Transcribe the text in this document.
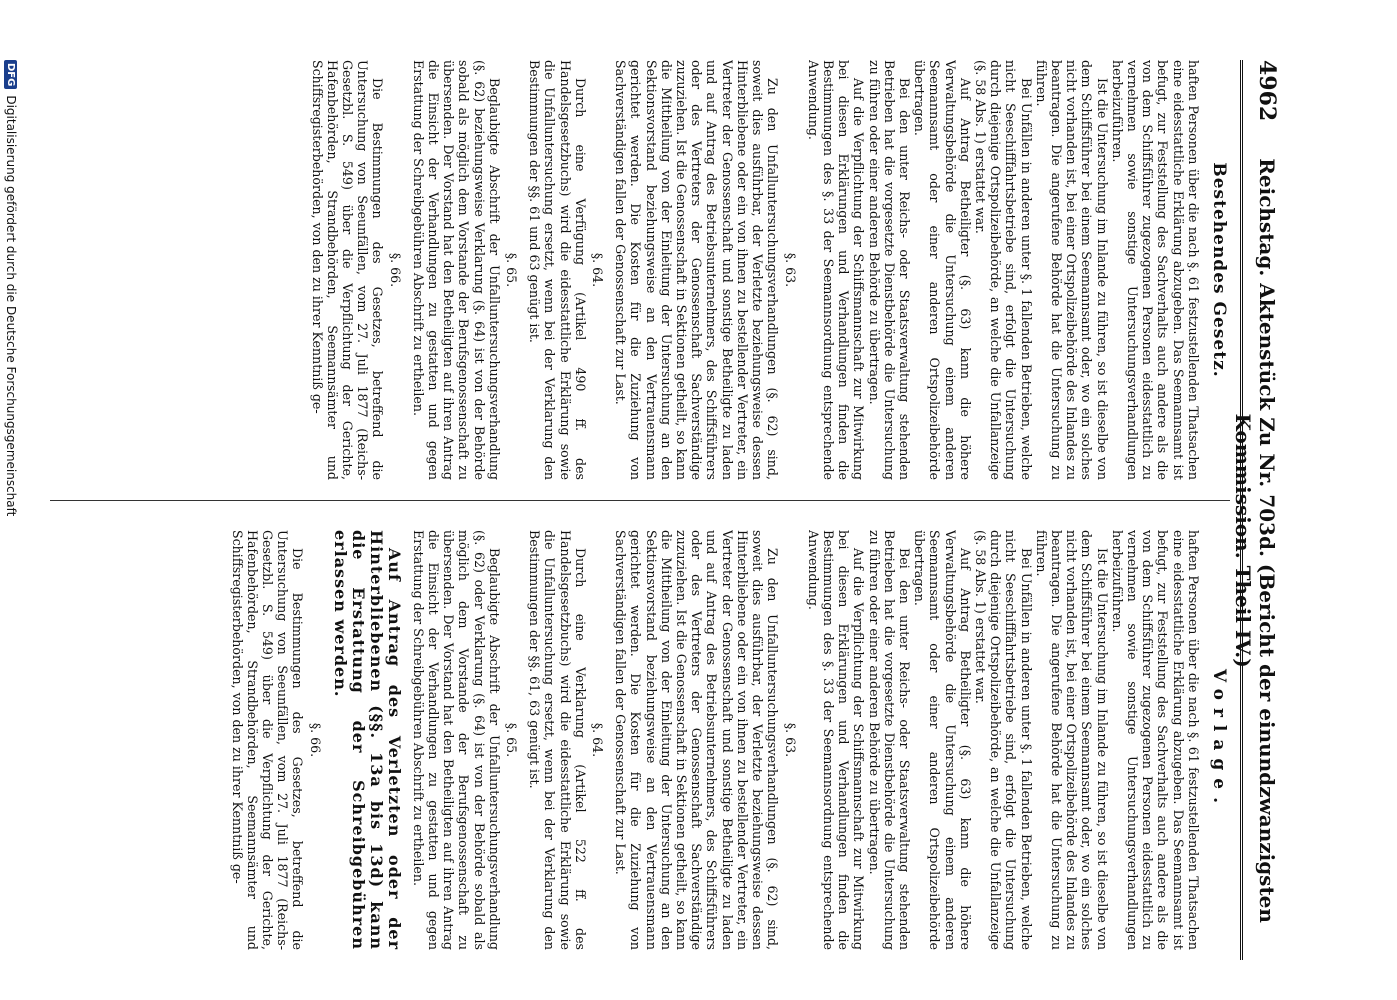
4962
Reichstag. Aktenstück Zu Nr. 703d. (Bericht der einundzwanzigsten Kommission. Theil IV.)
Bestehendes Gesetz.

haften Personen über die nach §. 61 festzustellenden Thatsachen eine eidesstattliche Erklärung abzugeben. Das Seemannsamt ist befugt, zur Feststellung des Sachverhalts auch andere als die von dem Schiffsführer zugezogenen Personen eidesstattlich zu vernehmen sowie sonstige Untersuchungsverhandlungen herbeizuführen.

Ist die Untersuchung im Inlande zu führen, so ist dieselbe von dem Schiffsführer bei einem Seemannsamt oder, wo ein solches nicht vorhanden ist, bei einer Ortspolizeibehörde des Inlandes zu beantragen. Die angerufene Behörde hat die Untersuchung zu führen.

Bei Unfällen in anderen unter §. 1 fallenden Betrieben, welche nicht Seeschifffahrtsbetriebe sind, erfolgt die Untersuchung durch diejenige Ortspolizeibehörde, an welche die Unfallanzeige (§. 58 Abs. 1) erstattet war.

Auf Antrag Betheiligter (§. 63) kann die höhere Verwaltungsbehörde die Untersuchung einem anderen Seemannsamt oder einer anderen Ortspolizeibehörde übertragen.

Bei den unter Reichs- oder Staatsverwaltung stehenden Betrieben hat die vorgesetzte Dienstbehörde die Untersuchung zu führen oder einer anderen Behörde zu übertragen.

Auf die Verpflichtung der Schiffsmannschaft zur Mitwirkung bei diesen Erklärungen und Verhandlungen finden die Bestimmungen des §. 33 der Seemannsordnung entsprechende Anwendung.

§. 63.

Zu den Unfalluntersuchungsverhandlungen (§. 62) sind, soweit dies ausführbar, der Verletzte beziehungsweise dessen Hinterbliebene oder ein von ihnen zu bestellender Vertreter, ein Vertreter der Genossenschaft und sonstige Betheiligte zu laden und auf Antrag des Betriebsunternehmers, des Schiffsführers oder des Vertreters der Genossenschaft Sachverständige zuzuziehen. Ist die Genossenschaft in Sektionen getheilt, so kann die Mittheilung von der Einleitung der Untersuchung an den Sektionsvorstand beziehungsweise an den Vertrauensmann gerichtet werden. Die Kosten für die Zuziehung von Sachverständigen fallen der Genossenschaft zur Last.

§. 64.

Durch eine Verfügung (Artikel 490 ff. des Handelsgesetzbuchs) wird die eidesstattliche Erklärung sowie die Unfalluntersuchung ersetzt, wenn bei der Verklarung den Bestimmungen der §§. 61 und 63 genügt ist.

§. 65.

Beglaubigte Abschrift der Unfalluntersuchungsverhandlung (§. 62) beziehungsweise Verklarung (§. 64) ist von der Behörde sobald als möglich dem Vorstande der Berufsgenossenschaft zu übersenden. Der Vorstand hat den Betheiligten auf ihren Antrag die Einsicht der Verhandlungen zu gestatten und gegen Erstattung der Schreibgebühren Abschrift zu ertheilen.

§. 66.

Die Bestimmungen des Gesetzes, betreffend die Untersuchung von Seeunfällen, vom 27. Juli 1877 (Reichs-Gesetzbl. S. 549) über die Verpflichtung der Gerichte, Hafenbehörden, Strandbehörden, Seemannsämter und Schiffsregisterbehörden, von den zu ihrer Kenntniß ge-

Vorlage.

haften Personen über die nach §. 61 festzustellenden Thatsachen eine eidesstattliche Erklärung abzugeben. Das Seemannsamt ist befugt, zur Feststellung des Sachverhalts auch andere als die von dem Schiffsführer zugezogenen Personen eidesstattlich zu vernehmen sowie sonstige Untersuchungsverhandlungen herbeizuführen.

Ist die Untersuchung im Inlande zu führen, so ist dieselbe von dem Schiffsführer bei einem Seemannsamt oder, wo ein solches nicht vorhanden ist, bei einer Ortspolizeibehörde des Inlandes zu beantragen. Die angerufene Behörde hat die Untersuchung zu führen.

Bei Unfällen in anderen unter §. 1 fallenden Betrieben, welche nicht Seeschifffahrtsbetriebe sind, erfolgt die Untersuchung durch diejenige Ortspolizeibehörde, an welche die Unfallanzeige (§. 58 Abs. 1) erstattet war.

Auf Antrag Betheiligter (§. 63) kann die höhere Verwaltungsbehörde die Untersuchung einem anderen Seemannsamt oder einer anderen Ortspolizeibehörde übertragen.

Bei den unter Reichs- oder Staatsverwaltung stehenden Betrieben hat die vorgesetzte Dienstbehörde die Untersuchung zu führen oder einer anderen Behörde zu übertragen.

Auf die Verpflichtung der Schiffsmannschaft zur Mitwirkung bei diesen Erklärungen und Verhandlungen finden die Bestimmungen des §. 33 der Seemannsordnung entsprechende Anwendung.

§. 63.

Zu den Unfalluntersuchungsverhandlungen (§. 62) sind, soweit dies ausführbar, der Verletzte beziehungsweise dessen Hinterbliebene oder ein von ihnen zu bestellender Vertreter, ein Vertreter der Genossenschaft und sonstige Betheiligte zu laden und auf Antrag des Betriebsunternehmers, des Schiffsführers oder des Vertreters der Genossenschaft Sachverständige zuzuziehen. Ist die Genossenschaft in Sektionen getheilt, so kann die Mittheilung von der Einleitung der Untersuchung an den Sektionsvorstand beziehungsweise an den Vertrauensmann gerichtet werden. Die Kosten für die Zuziehung von Sachverständigen fallen der Genossenschaft zur Last.

§. 64.

Durch eine Verklarung (Artikel 522 ff. des Handelsgesetzbuchs) wird die eidesstattliche Erklärung sowie die Unfalluntersuchung ersetzt, wenn bei der Verklarung den Bestimmungen der §§. 61, 63 genügt ist.

§. 65.

Beglaubigte Abschrift der Unfalluntersuchungsverhandlung (§. 62) oder Verklarung (§. 64) ist von der Behörde sobald als möglich dem Vorstande der Berufsgenossenschaft zu übersenden. Der Vorstand hat den Betheiligten auf ihren Antrag die Einsicht der Verhandlungen zu gestatten und gegen Erstattung der Schreibgebühren Abschrift zu ertheilen.

Auf Antrag des Verletzten oder der Hinterbliebenen (§§. 13a bis 13d) kann die Erstattung der Schreibgebühren erlassen werden.

§. 66.

Die Bestimmungen des Gesetzes, betreffend die Untersuchung von Seeunfällen, vom 27. Juli 1877 (Reichs-Gesetzbl. S. 549) über die Verpflichtung der Gerichte, Hafenbehörden, Strandbehörden, Seemannsämter und Schiffsregisterbehörden, von den zu ihrer Kenntniß ge-

DFG
Digitalisierung gefördert durch die Deutsche Forschungsgemeinschaft
